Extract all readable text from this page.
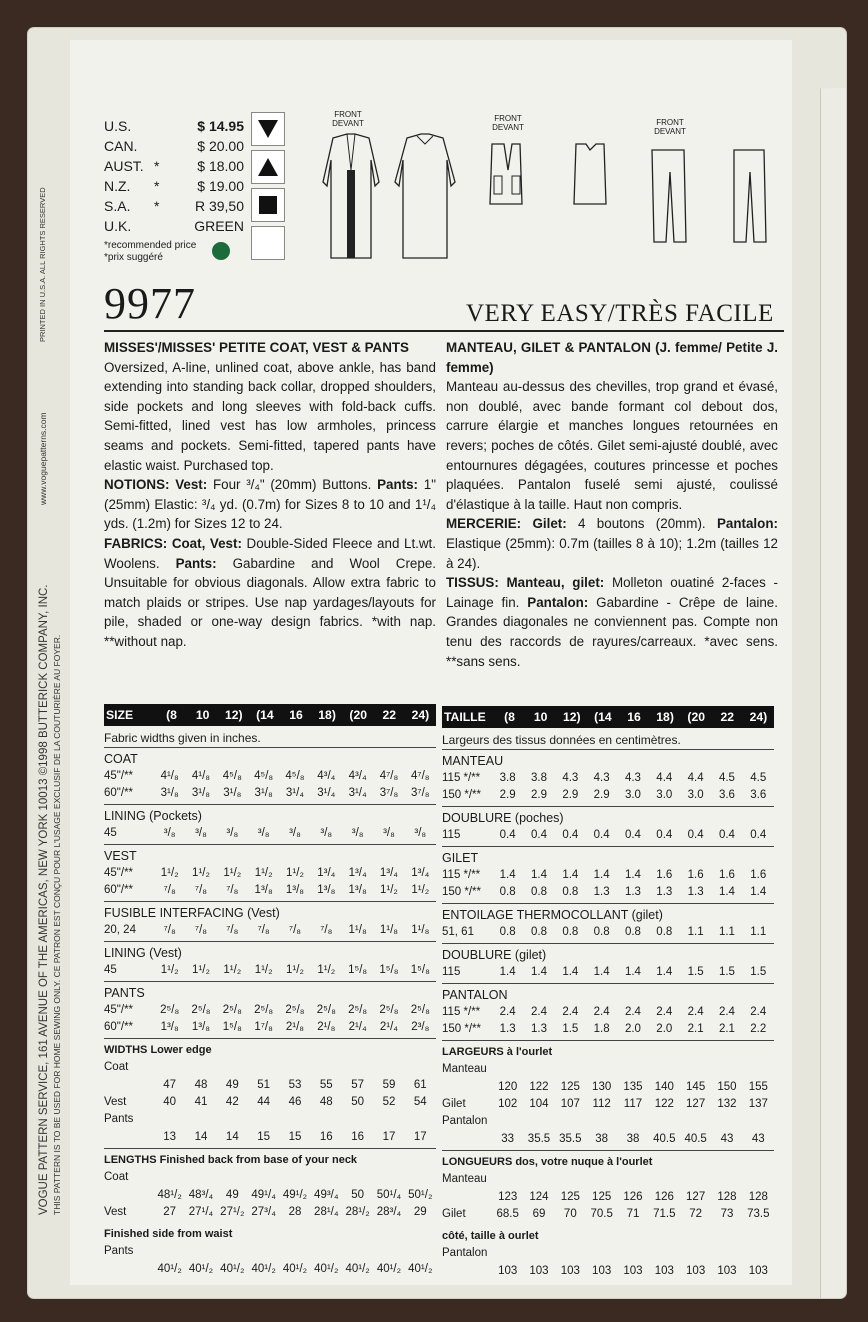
VOGUE PATTERN SERVICE, 161 AVENUE OF THE AMERICAS, NEW YORK 10013 ©1998 BUTTERICK COMPANY, INC. THIS PATTERN IS TO BE USED FOR HOME SEWING ONLY. CE PATRON EST CONÇU POUR L'USAGE EXCLUSIF DE LA COUTURIÈRE AU FOYER.
www.voguepatterns.com
PRINTED IN U.S.A. ALL RIGHTS RESERVED
U.S.	$ 14.95
CAN.	$ 20.00
AUST. *	$ 18.00
N.Z.	*	$ 19.00
S.A.	*	R 39,50
U.K.	GREEN
*recommended price
*prix suggéré
FRONT
DEVANT
FRONT
DEVANT
FRONT
DEVANT
9977	VERY EASY/TRÈS FACILE

MISSES'/MISSES' PETITE COAT, VEST & PANTS

Oversized, A-line, unlined coat, above ankle, has band extending into standing back collar, dropped shoulders, side pockets and long sleeves with fold-back cuffs. Semi-fitted, lined vest has low armholes, princess seams and pockets. Semi-fitted, tapered pants have elastic waist. Purchased top.

NOTIONS: Vest: Four ³/₄" (20mm) Buttons. Pants: 1" (25mm) Elastic: ³/₄ yd. (0.7m) for Sizes 8 to 10 and 1¹/₄ yds. (1.2m) for Sizes 12 to 24.

FABRICS: Coat, Vest: Double-Sided Fleece and Lt.wt. Woolens. Pants: Gabardine and Wool Crepe. Unsuitable for obvious diagonals. Allow extra fabric to match plaids or stripes. Use nap yardages/layouts for pile, shaded or one-way design fabrics. *with nap. **without nap.

MANTEAU, GILET & PANTALON (J. femme/ Petite J. femme)

Manteau au-dessus des chevilles, trop grand et évasé, non doublé, avec bande formant col debout dos, carrure élargie et manches longues retournées en revers; poches de côtés. Gilet semi-ajusté doublé, avec entournures dégagées, coutures princesse et poches plaquées. Pantalon fuselé semi ajusté, coulissé d'élastique à la taille. Haut non compris.

MERCERIE: Gilet: 4 boutons (20mm). Pantalon: Elastique (25mm): 0.7m (tailles 8 à 10); 1.2m (tailles 12 à 24).

TISSUS: Manteau, gilet: Molleton ouatiné 2-faces - Lainage fin. Pantalon: Gabardine - Crêpe de laine. Grandes diagonales ne conviennent pas. Compte non tenu des raccords de rayures/carreaux. *avec sens. **sans sens.

SIZE	(8	10	12)	(14	16	18)	(20	22	24)
Fabric widths given in inches.
COAT
45"/**	4¹/₈	4¹/₈	4⁵/₈	4⁵/₈	4⁵/₈	4³/₄	4³/₄	4⁷/₈	4⁷/₈
60"/**	3¹/₈	3¹/₈	3¹/₈	3¹/₈	3¹/₄	3¹/₄	3¹/₄	3⁷/₈	3⁷/₈
LINING (Pockets)
45	³/₈	³/₈	³/₈	³/₈	³/₈	³/₈	³/₈	³/₈	³/₈
VEST
45"/**	1¹/₂	1¹/₂	1¹/₂	1¹/₂	1¹/₂	1³/₄	1³/₄	1³/₄	1³/₄
60"/**	⁷/₈	⁷/₈	⁷/₈	1³/₈	1³/₈	1³/₈	1³/₈	1¹/₂	1¹/₂
FUSIBLE INTERFACING (Vest)
20, 24	⁷/₈	⁷/₈	⁷/₈	⁷/₈	⁷/₈	⁷/₈	1¹/₈	1¹/₈	1¹/₈
LINING (Vest)
45	1¹/₂	1¹/₂	1¹/₂	1¹/₂	1¹/₂	1¹/₂	1⁵/₈	1⁵/₈	1⁵/₈
PANTS
45"/**	2⁵/₈	2⁵/₈	2⁵/₈	2⁵/₈	2⁵/₈	2⁵/₈	2⁵/₈	2⁵/₈	2⁵/₈
60"/**	1³/₈	1³/₈	1⁵/₈	1⁷/₈	2¹/₈	2¹/₈	2¹/₄	2¹/₄	2³/₈
WIDTHS Lower edge
Coat
47	48	49	51	53	55	57	59	61
Vest	40	41	42	44	46	48	50	52	54
Pants
13	14	14	15	15	16	16	17	17
LENGTHS Finished back from base of your neck
Coat
48¹/₂ 48³/₄	49	49¹/₄ 49¹/₂ 49³/₄	50	50¹/₄ 50¹/₂
Vest	27	27¹/₄ 27¹/₂ 27³/₄	28	28¹/₄ 28¹/₂ 28³/₄	29
Finished side from waist
Pants
40¹/₂ 40¹/₂ 40¹/₂ 40¹/₂ 40¹/₂ 40¹/₂ 40¹/₂ 40¹/₂ 40¹/₂
TAILLE	(8	10	12)	(14	16	18)	(20	22	24)
Largeurs des tissus données en centimètres.
MANTEAU
115 */**	3.8	3.8	4.3	4.3	4.3	4.4	4.4	4.5	4.5
150 */**	2.9	2.9	2.9	2.9	3.0	3.0	3.0	3.6	3.6
DOUBLURE (poches)
115	0.4	0.4	0.4	0.4	0.4	0.4	0.4	0.4	0.4
GILET
115 */**	1.4	1.4	1.4	1.4	1.4	1.6	1.6	1.6	1.6
150 */**	0.8	0.8	0.8	1.3	1.3	1.3	1.3	1.4	1.4
ENTOILAGE THERMOCOLLANT (gilet)
51, 61	0.8	0.8	0.8	0.8	0.8	0.8	1.1	1.1	1.1
DOUBLURE (gilet)
115	1.4	1.4	1.4	1.4	1.4	1.4	1.5	1.5	1.5
PANTALON
115 */**	2.4	2.4	2.4	2.4	2.4	2.4	2.4	2.4	2.4
150 */**	1.3	1.3	1.5	1.8	2.0	2.0	2.1	2.1	2.2
LARGEURS à l'ourlet
Manteau
120	122	125	130	135	140	145	150	155
Gilet	102	104	107	112	117	122	127	132	137
Pantalon
33	35.5 35.5	38	38	40.5 40.5	43	43
LONGUEURS dos, votre nuque à l'ourlet
Manteau
123	124	125	125	126	126	127	128	128
Gilet	68.5	69	70	70.5	71	71.5	72	73	73.5
côté, taille à ourlet
Pantalon
103	103	103	103	103	103	103	103	103
